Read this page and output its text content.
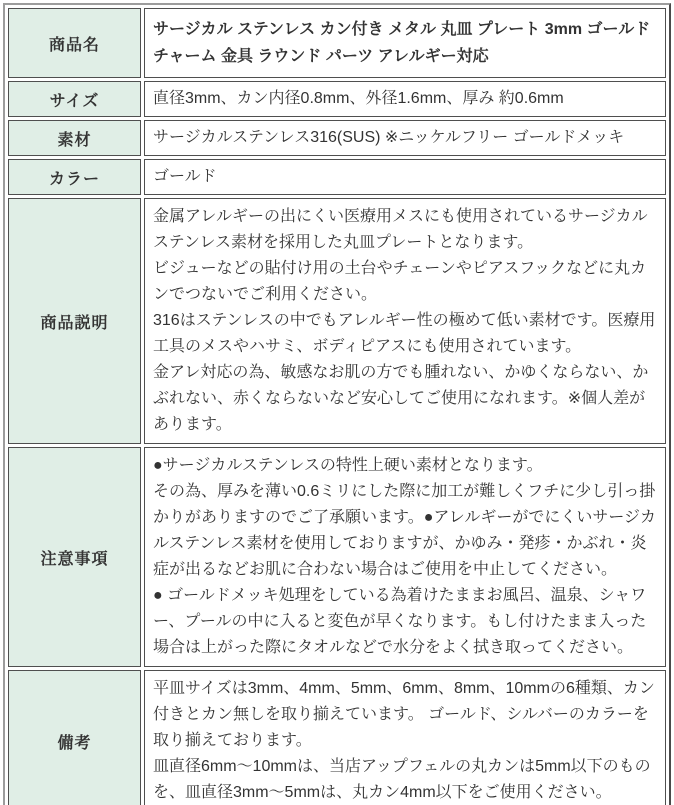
商品名	サージカル ステンレス カン付き メタル 丸皿 プレート 3mm ゴールド チャーム 金具 ラウンド パーツ アレルギー対応

サイズ	直径3mm、カン内径0.8mm、外径1.6mm、厚み 約0.6mm

素材	サージカルステンレス316(SUS) ※ニッケルフリー ゴールドメッキ

カラー	ゴールド

商品説明	金属アレルギーの出にくい医療用メスにも使用されているサージカルステンレス素材を採用した丸皿プレートとなります。
ビジューなどの貼付け用の土台やチェーンやピアスフックなどに丸カンでつないでご利用ください。
316はステンレスの中でもアレルギー性の極めて低い素材です。医療用工具のメスやハサミ、ボディピアスにも使用されています。
金アレ対応の為、敏感なお肌の方でも腫れない、かゆくならない、かぶれない、赤くならないなど安心してご使用になれます。※個人差があります。

注意事項	●サージカルステンレスの特性上硬い素材となります。
その為、厚みを薄い0.6ミリにした際に加工が難しくフチに少し引っ掛かりがありますのでご了承願います。●アレルギーがでにくいサージカルステンレス素材を使用しておりますが、かゆみ・発疹・かぶれ・炎症が出るなどお肌に合わない場合はご使用を中止してください。
● ゴールドメッキ処理をしている為着けたままお風呂、温泉、シャワー、プールの中に入ると変色が早くなります。もし付けたまま入った場合は上がった際にタオルなどで水分をよく拭き取ってください。

備考	平皿サイズは3mm、4mm、5mm、6mm、8mm、10mmの6種類、カン付きとカン無しを取り揃えています。 ゴールド、シルバーのカラーを取り揃えております。
皿直径6mm〜10mmは、当店アップフェルの丸カンは5mm以下のものを、皿直径3mm〜5mmは、丸カン4mm以下をご使用ください。
